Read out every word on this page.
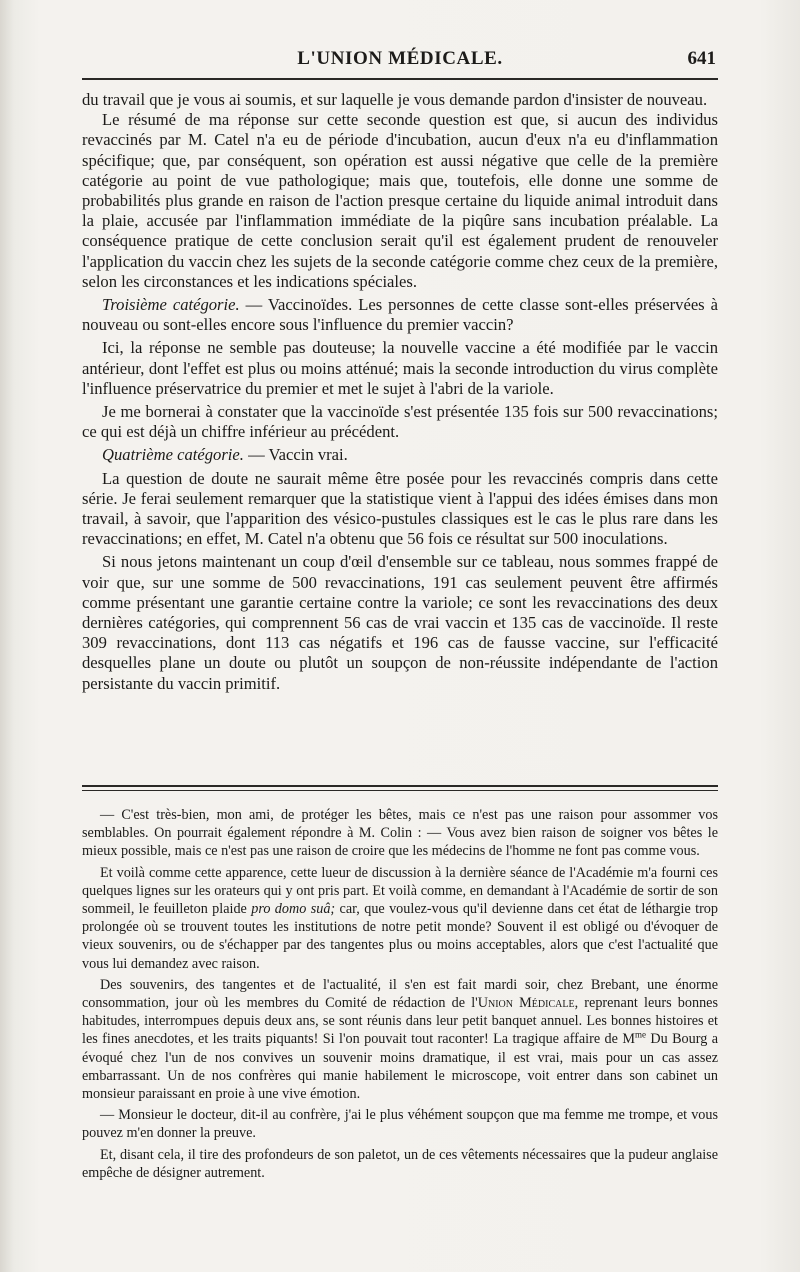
L'UNION MÉDICALE.	641

du travail que je vous ai soumis, et sur laquelle je vous demande pardon d'insister de nouveau.

Le résumé de ma réponse sur cette seconde question est que, si aucun des individus revaccinés par M. Catel n'a eu de période d'incubation, aucun d'eux n'a eu d'inflammation spécifique; que, par conséquent, son opération est aussi négative que celle de la première catégorie au point de vue pathologique; mais que, toutefois, elle donne une somme de probabilités plus grande en raison de l'action presque certaine du liquide animal introduit dans la plaie, accusée par l'inflammation immédiate de la piqûre sans incubation préalable. La conséquence pratique de cette conclusion serait qu'il est également prudent de renouveler l'application du vaccin chez les sujets de la seconde catégorie comme chez ceux de la première, selon les circonstances et les indications spéciales.

Troisième catégorie. — Vaccinoïdes. Les personnes de cette classe sont-elles préservées à nouveau ou sont-elles encore sous l'influence du premier vaccin?

Ici, la réponse ne semble pas douteuse; la nouvelle vaccine a été modifiée par le vaccin antérieur, dont l'effet est plus ou moins atténué; mais la seconde introduction du virus complète l'influence préservatrice du premier et met le sujet à l'abri de la variole.

Je me bornerai à constater que la vaccinoïde s'est présentée 135 fois sur 500 revaccinations; ce qui est déjà un chiffre inférieur au précédent.

Quatrième catégorie. — Vaccin vrai.

La question de doute ne saurait même être posée pour les revaccinés compris dans cette série. Je ferai seulement remarquer que la statistique vient à l'appui des idées émises dans mon travail, à savoir, que l'apparition des vésico-pustules classiques est le cas le plus rare dans les revaccinations; en effet, M. Catel n'a obtenu que 56 fois ce résultat sur 500 inoculations.

Si nous jetons maintenant un coup d'œil d'ensemble sur ce tableau, nous sommes frappé de voir que, sur une somme de 500 revaccinations, 191 cas seulement peuvent être affirmés comme présentant une garantie certaine contre la variole; ce sont les revaccinations des deux dernières catégories, qui comprennent 56 cas de vrai vaccin et 135 cas de vaccinoïde. Il reste 309 revaccinations, dont 113 cas négatifs et 196 cas de fausse vaccine, sur l'efficacité desquelles plane un doute ou plutôt un soupçon de non-réussite indépendante de l'action persistante du vaccin primitif.

— C'est très-bien, mon ami, de protéger les bêtes, mais ce n'est pas une raison pour assommer vos semblables. On pourrait également répondre à M. Colin : — Vous avez bien raison de soigner vos bêtes le mieux possible, mais ce n'est pas une raison de croire que les médecins de l'homme ne font pas comme vous.

Et voilà comme cette apparence, cette lueur de discussion à la dernière séance de l'Académie m'a fourni ces quelques lignes sur les orateurs qui y ont pris part. Et voilà comme, en demandant à l'Académie de sortir de son sommeil, le feuilleton plaide pro domo suâ; car, que voulez-vous qu'il devienne dans cet état de léthargie trop prolongée où se trouvent toutes les institutions de notre petit monde? Souvent il est obligé ou d'évoquer de vieux souvenirs, ou de s'échapper par des tangentes plus ou moins acceptables, alors que c'est l'actualité que vous lui demandez avec raison.

Des souvenirs, des tangentes et de l'actualité, il s'en est fait mardi soir, chez Brebant, une énorme consommation, jour où les membres du Comité de rédaction de l'Union Médicale, reprenant leurs bonnes habitudes, interrompues depuis deux ans, se sont réunis dans leur petit banquet annuel. Les bonnes histoires et les fines anecdotes, et les traits piquants! Si l'on pouvait tout raconter! La tragique affaire de $M^{me}$ Du Bourg a évoqué chez l'un de nos convives un souvenir moins dramatique, il est vrai, mais pour un cas assez embarrassant. Un de nos confrères qui manie habilement le microscope, voit entrer dans son cabinet un monsieur paraissant en proie à une vive émotion.

— Monsieur le docteur, dit-il au confrère, j'ai le plus véhément soupçon que ma femme me trompe, et vous pouvez m'en donner la preuve.

Et, disant cela, il tire des profondeurs de son paletot, un de ces vêtements nécessaires que la pudeur anglaise empêche de désigner autrement.
